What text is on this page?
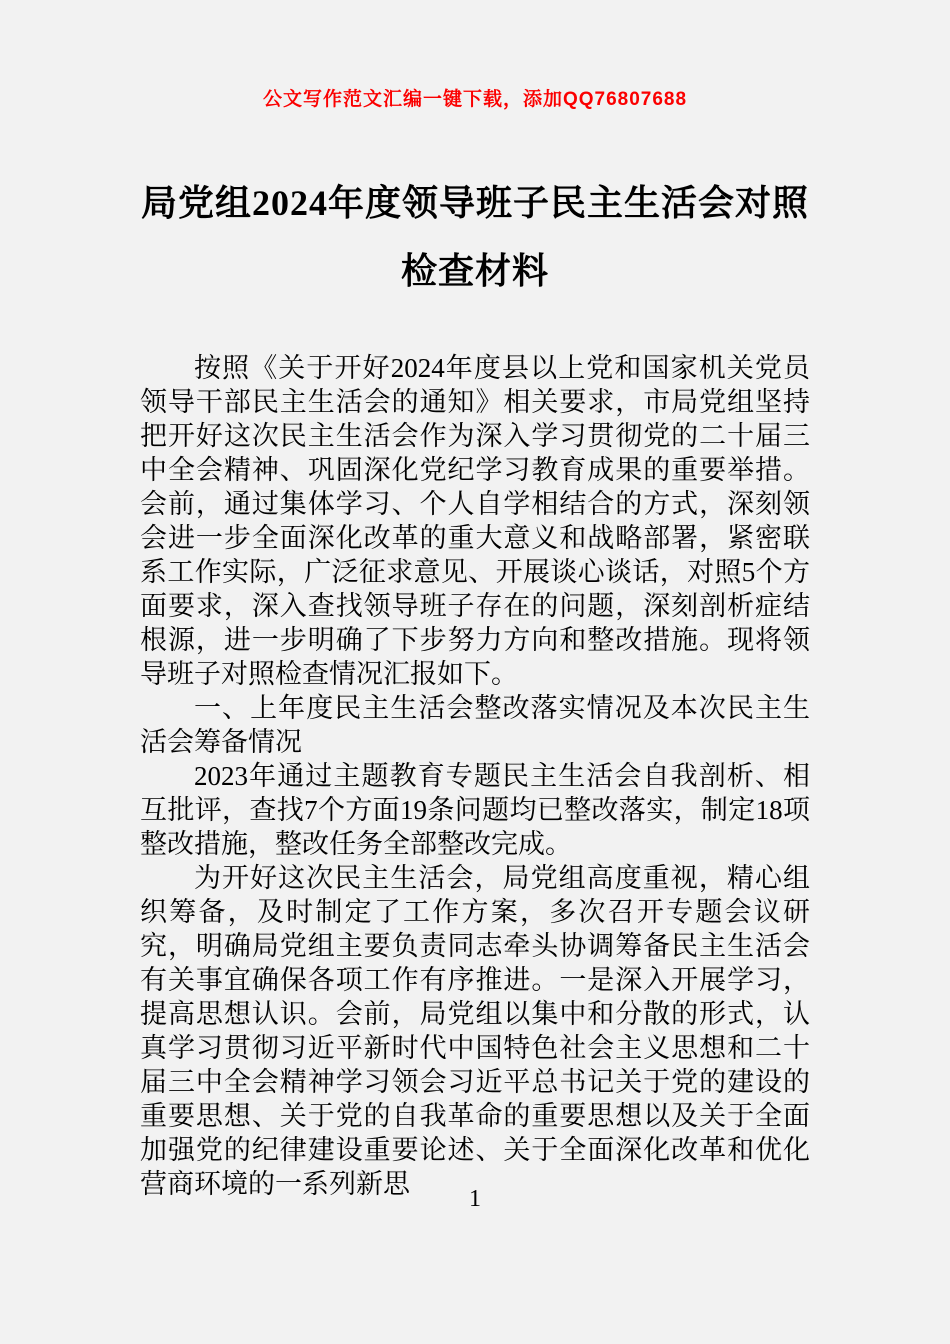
公文写作范文汇编一键下载，添加QQ76807688
局党组2024年度领导班子民主生活会对照检查材料

按照《关于开好2024年度县以上党和国家机关党员领导干部民主生活会的通知》相关要求，市局党组坚持把开好这次民主生活会作为深入学习贯彻党的二十届三中全会精神、巩固深化党纪学习教育成果的重要举措。会前，通过集体学习、个人自学相结合的方式，深刻领会进一步全面深化改革的重大意义和战略部署，紧密联系工作实际，广泛征求意见、开展谈心谈话，对照5个方面要求，深入查找领导班子存在的问题，深刻剖析症结根源，进一步明确了下步努力方向和整改措施。现将领导班子对照检查情况汇报如下。

一、上年度民主生活会整改落实情况及本次民主生活会筹备情况

2023年通过主题教育专题民主生活会自我剖析、相互批评，查找7个方面19条问题均已整改落实，制定18项整改措施，整改任务全部整改完成。

为开好这次民主生活会，局党组高度重视，精心组织筹备，及时制定了工作方案，多次召开专题会议研究，明确局党组主要负责同志牵头协调筹备民主生活会有关事宜确保各项工作有序推进。一是深入开展学习，提高思想认识。会前，局党组以集中和分散的形式，认真学习贯彻习近平新时代中国特色社会主义思想和二十届三中全会精神学习领会习近平总书记关于党的建设的重要思想、关于党的自我革命的重要思想以及关于全面加强党的纪律建设重要论述、关于全面深化改革和优化营商环境的一系列新思	1
